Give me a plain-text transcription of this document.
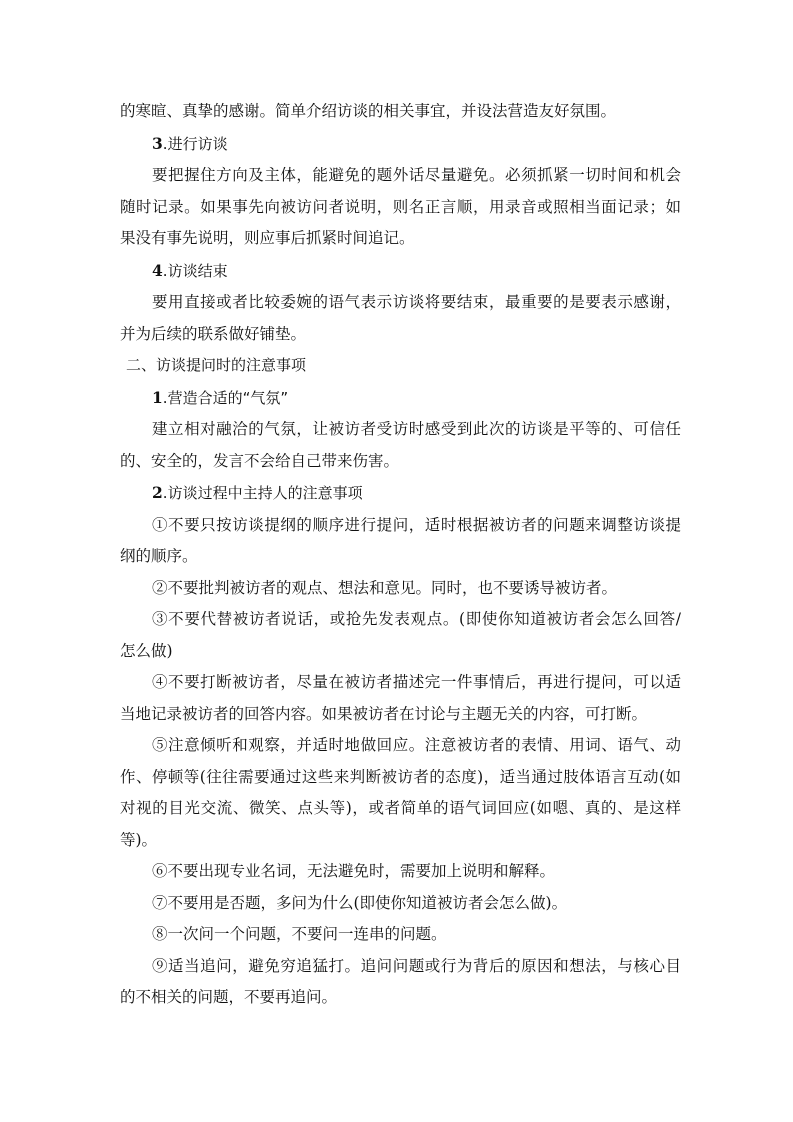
的寒暄、真挚的感谢。简单介绍访谈的相关事宜，并设法营造友好氛围。
3.进行访谈
要把握住方向及主体，能避免的题外话尽量避免。必须抓紧一切时间和机会
随时记录。如果事先向被访问者说明，则名正言顺，用录音或照相当面记录；如
果没有事先说明，则应事后抓紧时间追记。
4.访谈结束
要用直接或者比较委婉的语气表示访谈将要结束，最重要的是要表示感谢，
并为后续的联系做好铺垫。
二、访谈提问时的注意事项
1.营造合适的“气氛”
建立相对融洽的气氛，让被访者受访时感受到此次的访谈是平等的、可信任
的、安全的，发言不会给自己带来伤害。
2.访谈过程中主持人的注意事项
①不要只按访谈提纲的顺序进行提问，适时根据被访者的问题来调整访谈提
纲的顺序。
②不要批判被访者的观点、想法和意见。同时，也不要诱导被访者。
③不要代替被访者说话，或抢先发表观点。(即使你知道被访者会怎么回答/
怎么做)
④不要打断被访者，尽量在被访者描述完一件事情后，再进行提问，可以适
当地记录被访者的回答内容。如果被访者在讨论与主题无关的内容，可打断。
⑤注意倾听和观察，并适时地做回应。注意被访者的表情、用词、语气、动
作、停顿等(往往需要通过这些来判断被访者的态度)，适当通过肢体语言互动(如
对视的目光交流、微笑、点头等)，或者简单的语气词回应(如嗯、真的、是这样
等)。
⑥不要出现专业名词，无法避免时，需要加上说明和解释。
⑦不要用是否题，多问为什么(即使你知道被访者会怎么做)。
⑧一次问一个问题，不要问一连串的问题。
⑨适当追问，避免穷追猛打。追问问题或行为背后的原因和想法，与核心目
的不相关的问题，不要再追问。
